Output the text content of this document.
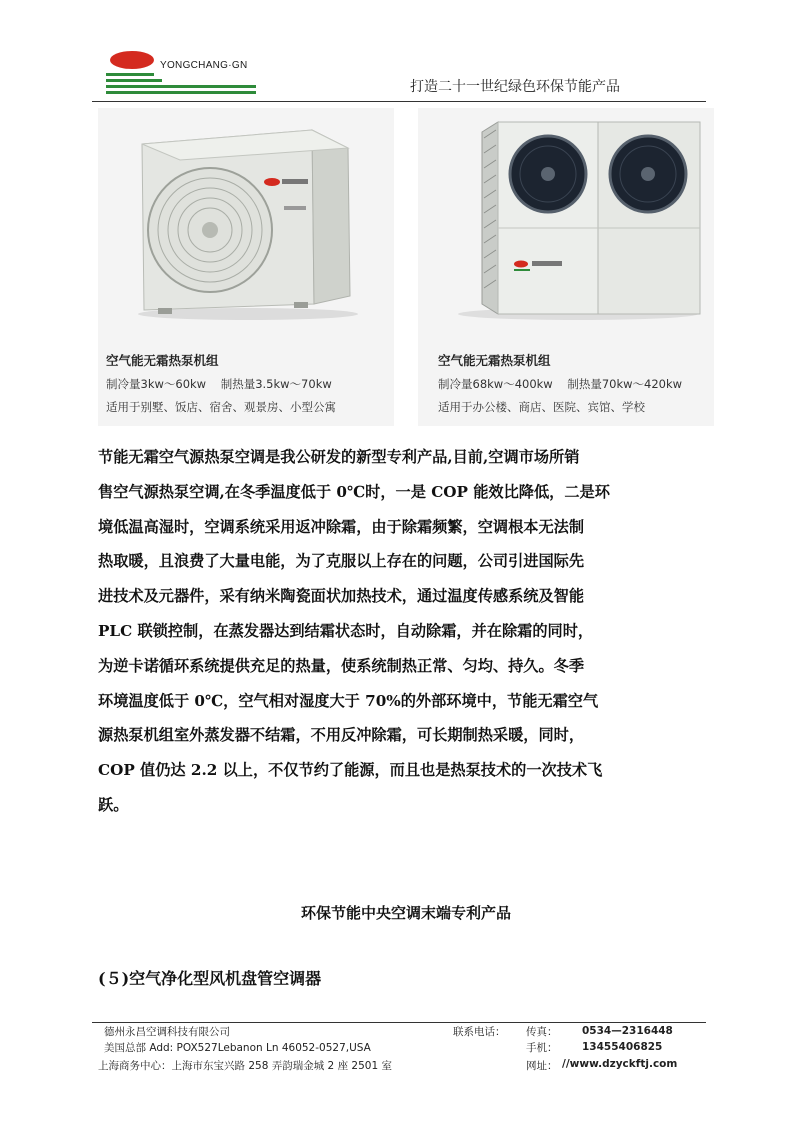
YONGCHANG·GN
打造二十一世纪绿色环保节能产品
空气能无霜热泵机组
制冷量3kw～60kw    制热量3.5kw～70kw
适用于别墅、饭店、宿舍、观景房、小型公寓
空气能无霜热泵机组
制冷量68kw～400kw    制热量70kw～420kw
适用于办公楼、商店、医院、宾馆、学校
节能无霜空气源热泵空调是我公研发的新型专利产品,目前,空调市场所销
售空气源热泵空调,在冬季温度低于 0℃时，一是 COP 能效比降低，二是环
境低温高湿时，空调系统采用返冲除霜，由于除霜频繁，空调根本无法制
热取暖，且浪费了大量电能，为了克服以上存在的问题，公司引进国际先
进技术及元器件，采有纳米陶瓷面状加热技术，通过温度传感系统及智能
PLC 联锁控制，在蒸发器达到结霜状态时，自动除霜，并在除霜的同时，
为逆卡诺循环系统提供充足的热量，使系统制热正常、匀均、持久。冬季
环境温度低于 0℃，空气相对湿度大于 70%的外部环境中，节能无霜空气
源热泵机组室外蒸发器不结霜，不用反冲除霜，可长期制热采暖，同时，
COP 值仍达 2.2 以上，不仅节约了能源，而且也是热泵技术的一次技术飞
跃。
环保节能中央空调末端专利产品
(５)空气净化型风机盘管空调器
德州永昌空调科技有限公司
美国总部 Add: POX527Lebanon Ln 46052-0527,USA
上海商务中心：上海市东宝兴路 258 弄韵瑞金城 2 座 2501 室
联系电话： 传真： 0534—2316448
手机： 13455406825
网址： //www.dzyckftj.com
